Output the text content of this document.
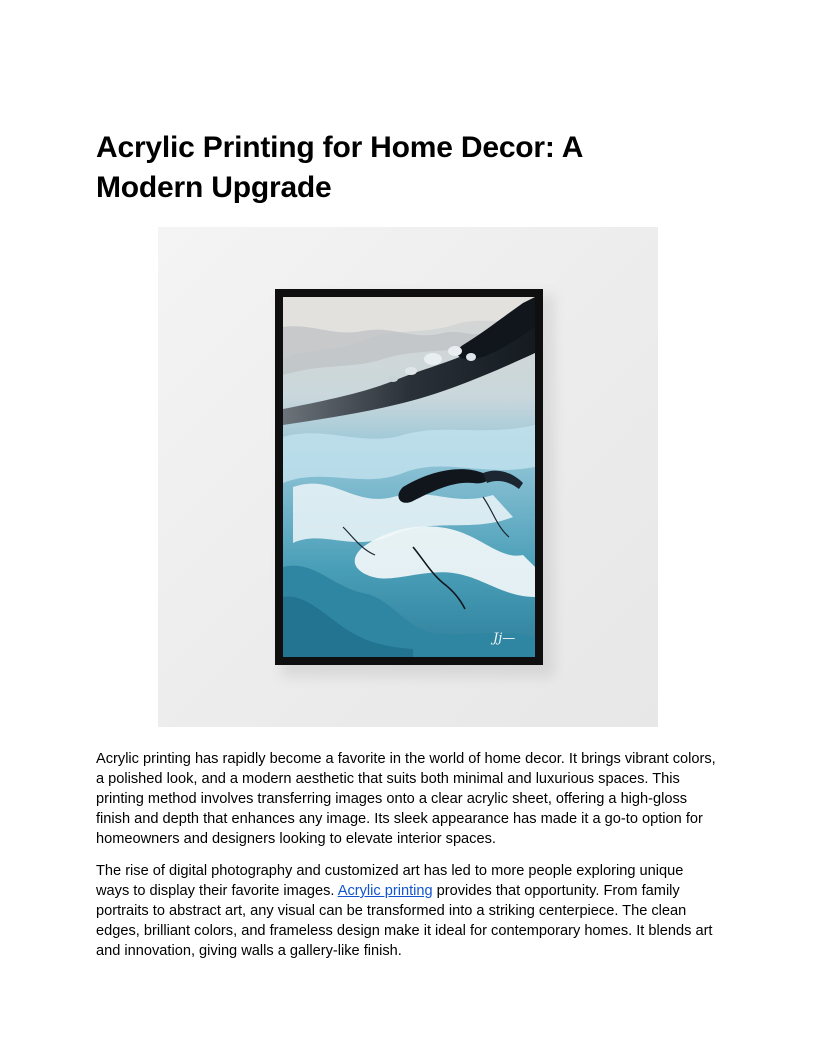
Acrylic Printing for Home Decor: A
Modern Upgrade
Jj—
Acrylic printing has rapidly become a favorite in the world of home decor. It brings vibrant colors,
a polished look, and a modern aesthetic that suits both minimal and luxurious spaces. This
printing method involves transferring images onto a clear acrylic sheet, offering a high-gloss
finish and depth that enhances any image. Its sleek appearance has made it a go-to option for
homeowners and designers looking to elevate interior spaces.
The rise of digital photography and customized art has led to more people exploring unique
ways to display their favorite images. Acrylic printing provides that opportunity. From family
portraits to abstract art, any visual can be transformed into a striking centerpiece. The clean
edges, brilliant colors, and frameless design make it ideal for contemporary homes. It blends art
and innovation, giving walls a gallery-like finish.
